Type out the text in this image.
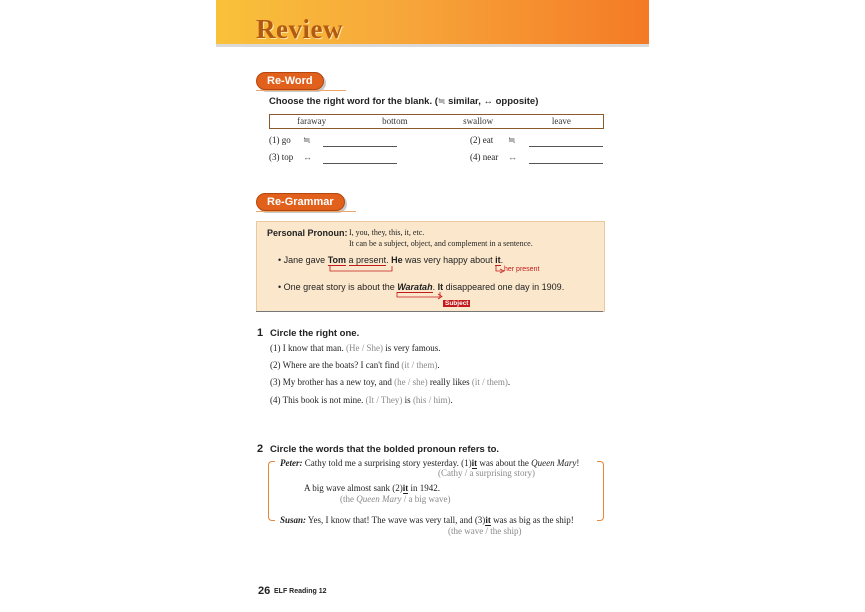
Review
Re-Word
Choose the right word for the blank. (≒ similar, ↔ opposite)
faraway	bottom	swallow	leave
(1) go ≒	(2) eat ≒
(3) top ↔	(4) near ↔
Re-Grammar
Personal Pronoun: I, you, they, this, it, etc.
It can be a subject, object, and complement in a sentence.
• Jane gave Tom a present. He was very happy about it.
her present
• One great story is about the Waratah. It disappeared one day in 1909.
Subject
1 Circle the right one.
(1) I know that man. (He / She) is very famous.
(2) Where are the boats? I can't find (it / them).
(3) My brother has a new toy, and (he / she) really likes (it / them).
(4) This book is not mine. (It / They) is (his / him).
2 Circle the words that the bolded pronoun refers to.
Peter: Cathy told me a surprising story yesterday. (1)it was about the Queen Mary!
(Cathy / a surprising story)
A big wave almost sank (2)it in 1942.
(the Queen Mary / a big wave)
Susan: Yes, I know that! The wave was very tall, and (3)it was as big as the ship!
(the wave / the ship)
26 ELF Reading 12
